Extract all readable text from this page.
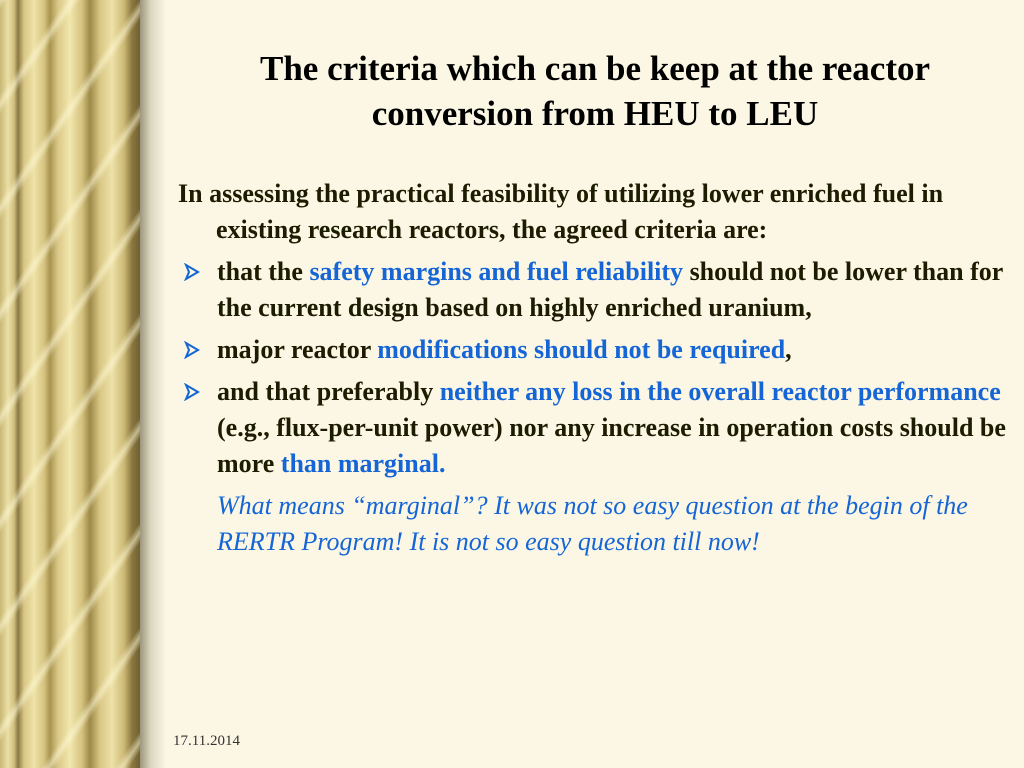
The criteria which can be keep at the reactor
conversion from HEU to LEU

In assessing the practical feasibility of utilizing lower enriched fuel in existing research reactors, the agreed criteria are:

that the safety margins and fuel reliability should not be lower than for the current design based on highly enriched uranium,

major reactor modifications should not be required,

and that preferably neither any loss in the overall reactor performance (e.g., flux-per-unit power) nor any increase in operation costs should be more than marginal.

What means “marginal”? It was not so easy question at the begin of the RERTR Program! It is not so easy question till now!

17.11.2014
